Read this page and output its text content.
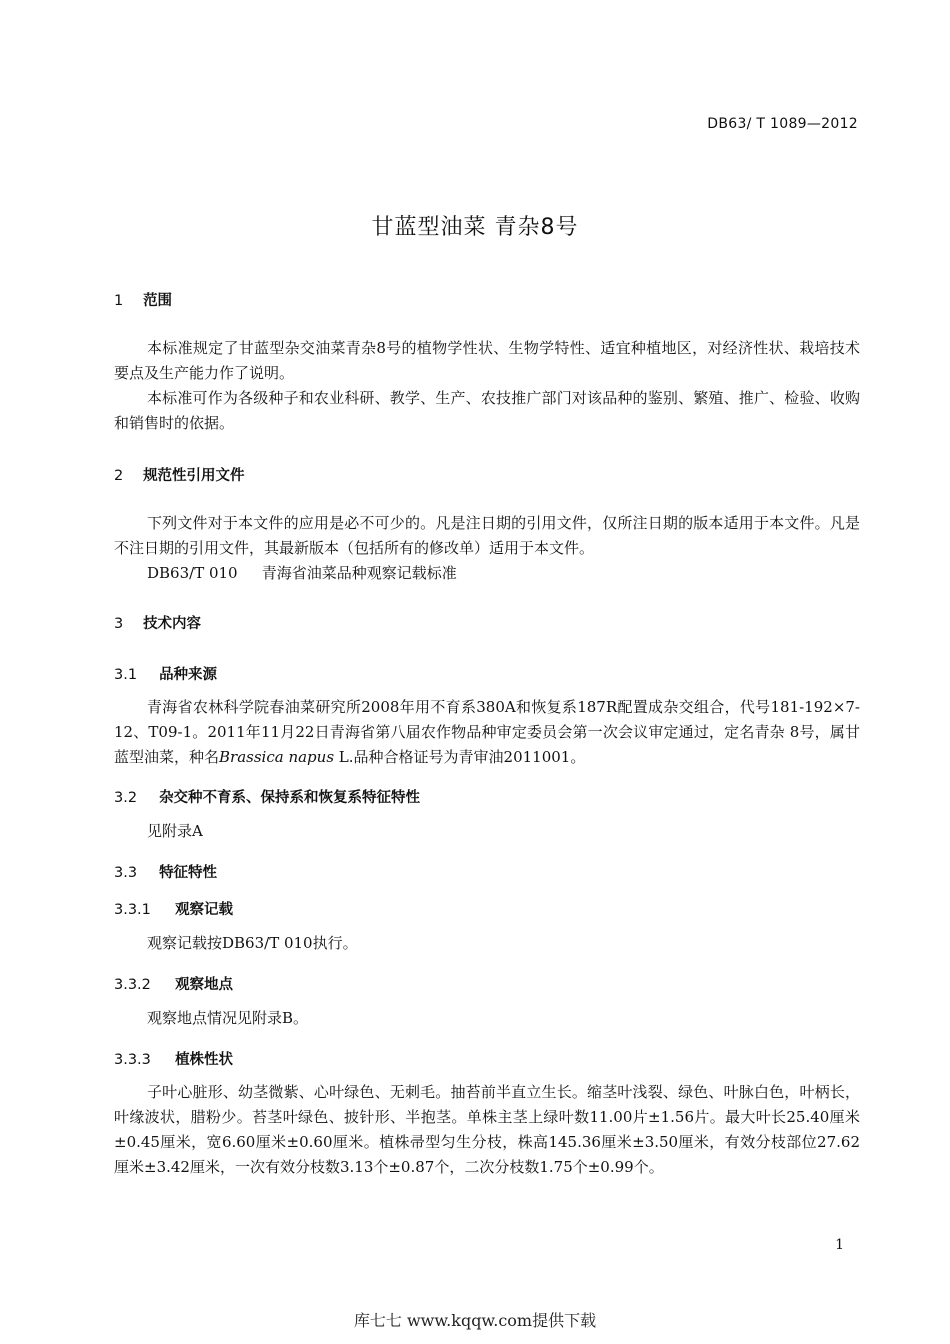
DB63/ T 1089—2012
甘蓝型油菜 青杂8号
1 范围

本标准规定了甘蓝型杂交油菜青杂8号的植物学性状、生物学特性、适宜种植地区，对经济性状、栽培技术要点及生产能力作了说明。

本标准可作为各级种子和农业科研、教学、生产、农技推广部门对该品种的鉴别、繁殖、推广、检验、收购和销售时的依据。

2 规范性引用文件

下列文件对于本文件的应用是必不可少的。凡是注日期的引用文件，仅所注日期的版本适用于本文件。凡是不注日期的引用文件，其最新版本（包括所有的修改单）适用于本文件。

DB63/T 010 青海省油菜品种观察记载标准
3 技术内容
3.1 品种来源

青海省农林科学院春油菜研究所2008年用不育系380A和恢复系187R配置成杂交组合，代号181-192×7-12、T09-1。2011年11月22日青海省第八届农作物品种审定委员会第一次会议审定通过，定名青杂 8号，属甘蓝型油菜，种名Brassica napus L.品种合格证号为青审油2011001。

3.2 杂交种不育系、保持系和恢复系特征特性

见附录A

3.3 特征特性
3.3.1 观察记载

观察记载按DB63/T 010执行。

3.3.2 观察地点

观察地点情况见附录B。

3.3.3 植株性状

子叶心脏形、幼茎微紫、心叶绿色、无刺毛。抽苔前半直立生长。缩茎叶浅裂、绿色、叶脉白色，叶柄长，叶缘波状，腊粉少。苔茎叶绿色、披针形、半抱茎。单株主茎上绿叶数11.00片±1.56片。最大叶长25.40厘米±0.45厘米，宽6.60厘米±0.60厘米。植株帚型匀生分枝，株高145.36厘米±3.50厘米，有效分枝部位27.62厘米±3.42厘米，一次有效分枝数3.13个±0.87个，二次分枝数1.75个±0.99个。

1
库七七 www.kqqw.com提供下载
